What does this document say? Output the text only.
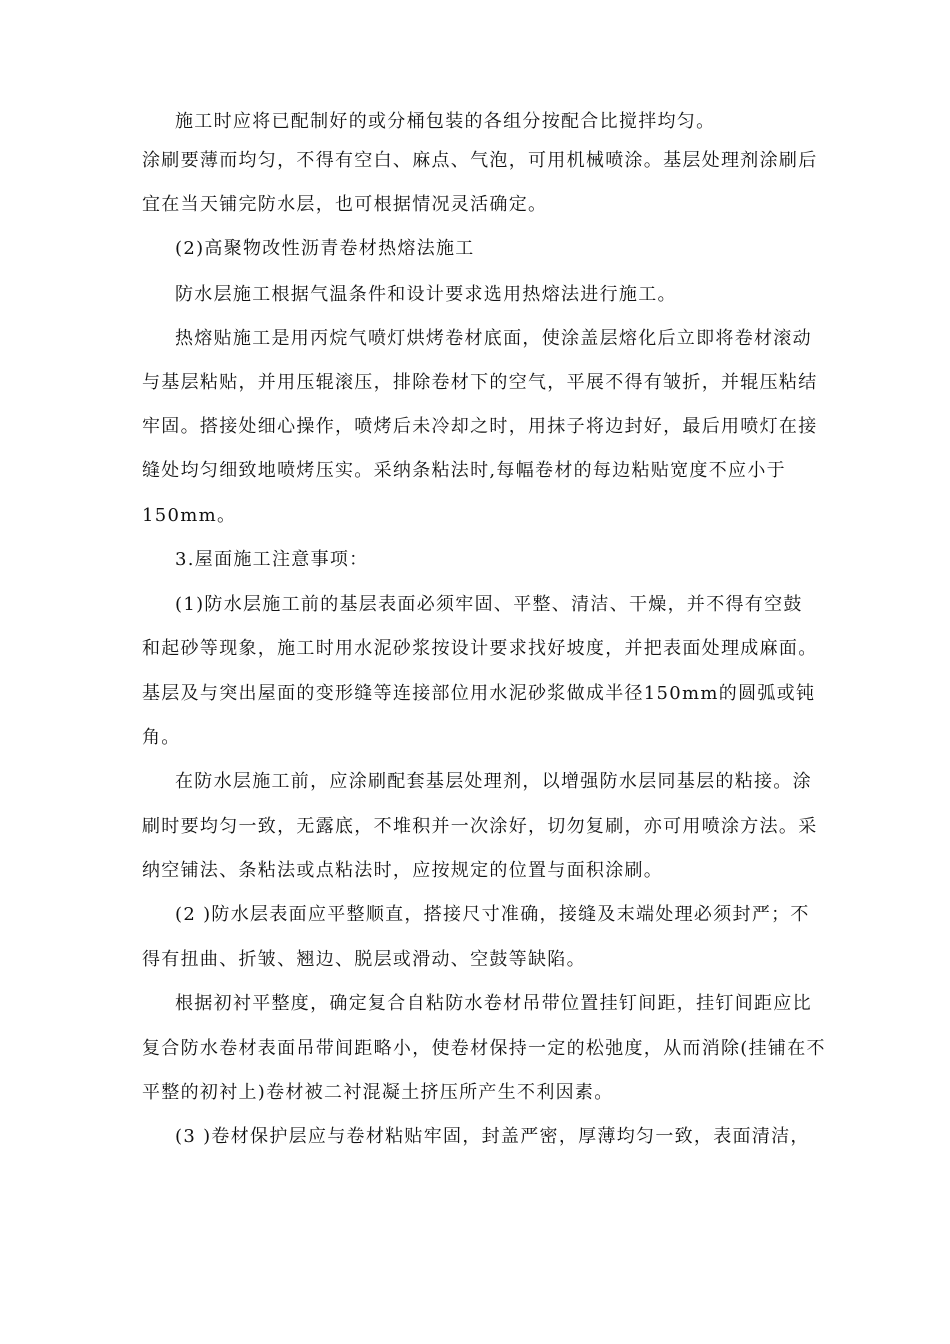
施工时应将已配制好的或分桶包装的各组分按配合比搅拌均匀。
涂刷要薄而均匀，不得有空白、麻点、气泡，可用机械喷涂。基层处理剂涂刷后
宜在当天铺完防水层，也可根据情况灵活确定。
(2)高聚物改性沥青卷材热熔法施工
防水层施工根据气温条件和设计要求选用热熔法进行施工。
热熔贴施工是用丙烷气喷灯烘烤卷材底面，使涂盖层熔化后立即将卷材滚动
与基层粘贴，并用压辊滚压，排除卷材下的空气，平展不得有皱折，并辊压粘结
牢固。搭接处细心操作，喷烤后未冷却之时，用抹子将边封好，最后用喷灯在接
缝处均匀细致地喷烤压实。采纳条粘法时,每幅卷材的每边粘贴宽度不应小于
150mm。
3.屋面施工注意事项：
(1)防水层施工前的基层表面必须牢固、平整、清洁、干燥，并不得有空鼓
和起砂等现象，施工时用水泥砂浆按设计要求找好坡度，并把表面处理成麻面。
基层及与突出屋面的变形缝等连接部位用水泥砂浆做成半径150mm的圆弧或钝
角。
在防水层施工前，应涂刷配套基层处理剂，以增强防水层同基层的粘接。涂
刷时要均匀一致，无露底，不堆积并一次涂好，切勿复刷，亦可用喷涂方法。采
纳空铺法、条粘法或点粘法时，应按规定的位置与面积涂刷。
(2 )防水层表面应平整顺直，搭接尺寸准确，接缝及末端处理必须封严；不
得有扭曲、折皱、翘边、脱层或滑动、空鼓等缺陷。
根据初衬平整度，确定复合自粘防水卷材吊带位置挂钉间距，挂钉间距应比
复合防水卷材表面吊带间距略小，使卷材保持一定的松弛度，从而消除(挂铺在不
平整的初衬上)卷材被二衬混凝土挤压所产生不利因素。
(3 )卷材保护层应与卷材粘贴牢固，封盖严密，厚薄均匀一致，表面清洁，
